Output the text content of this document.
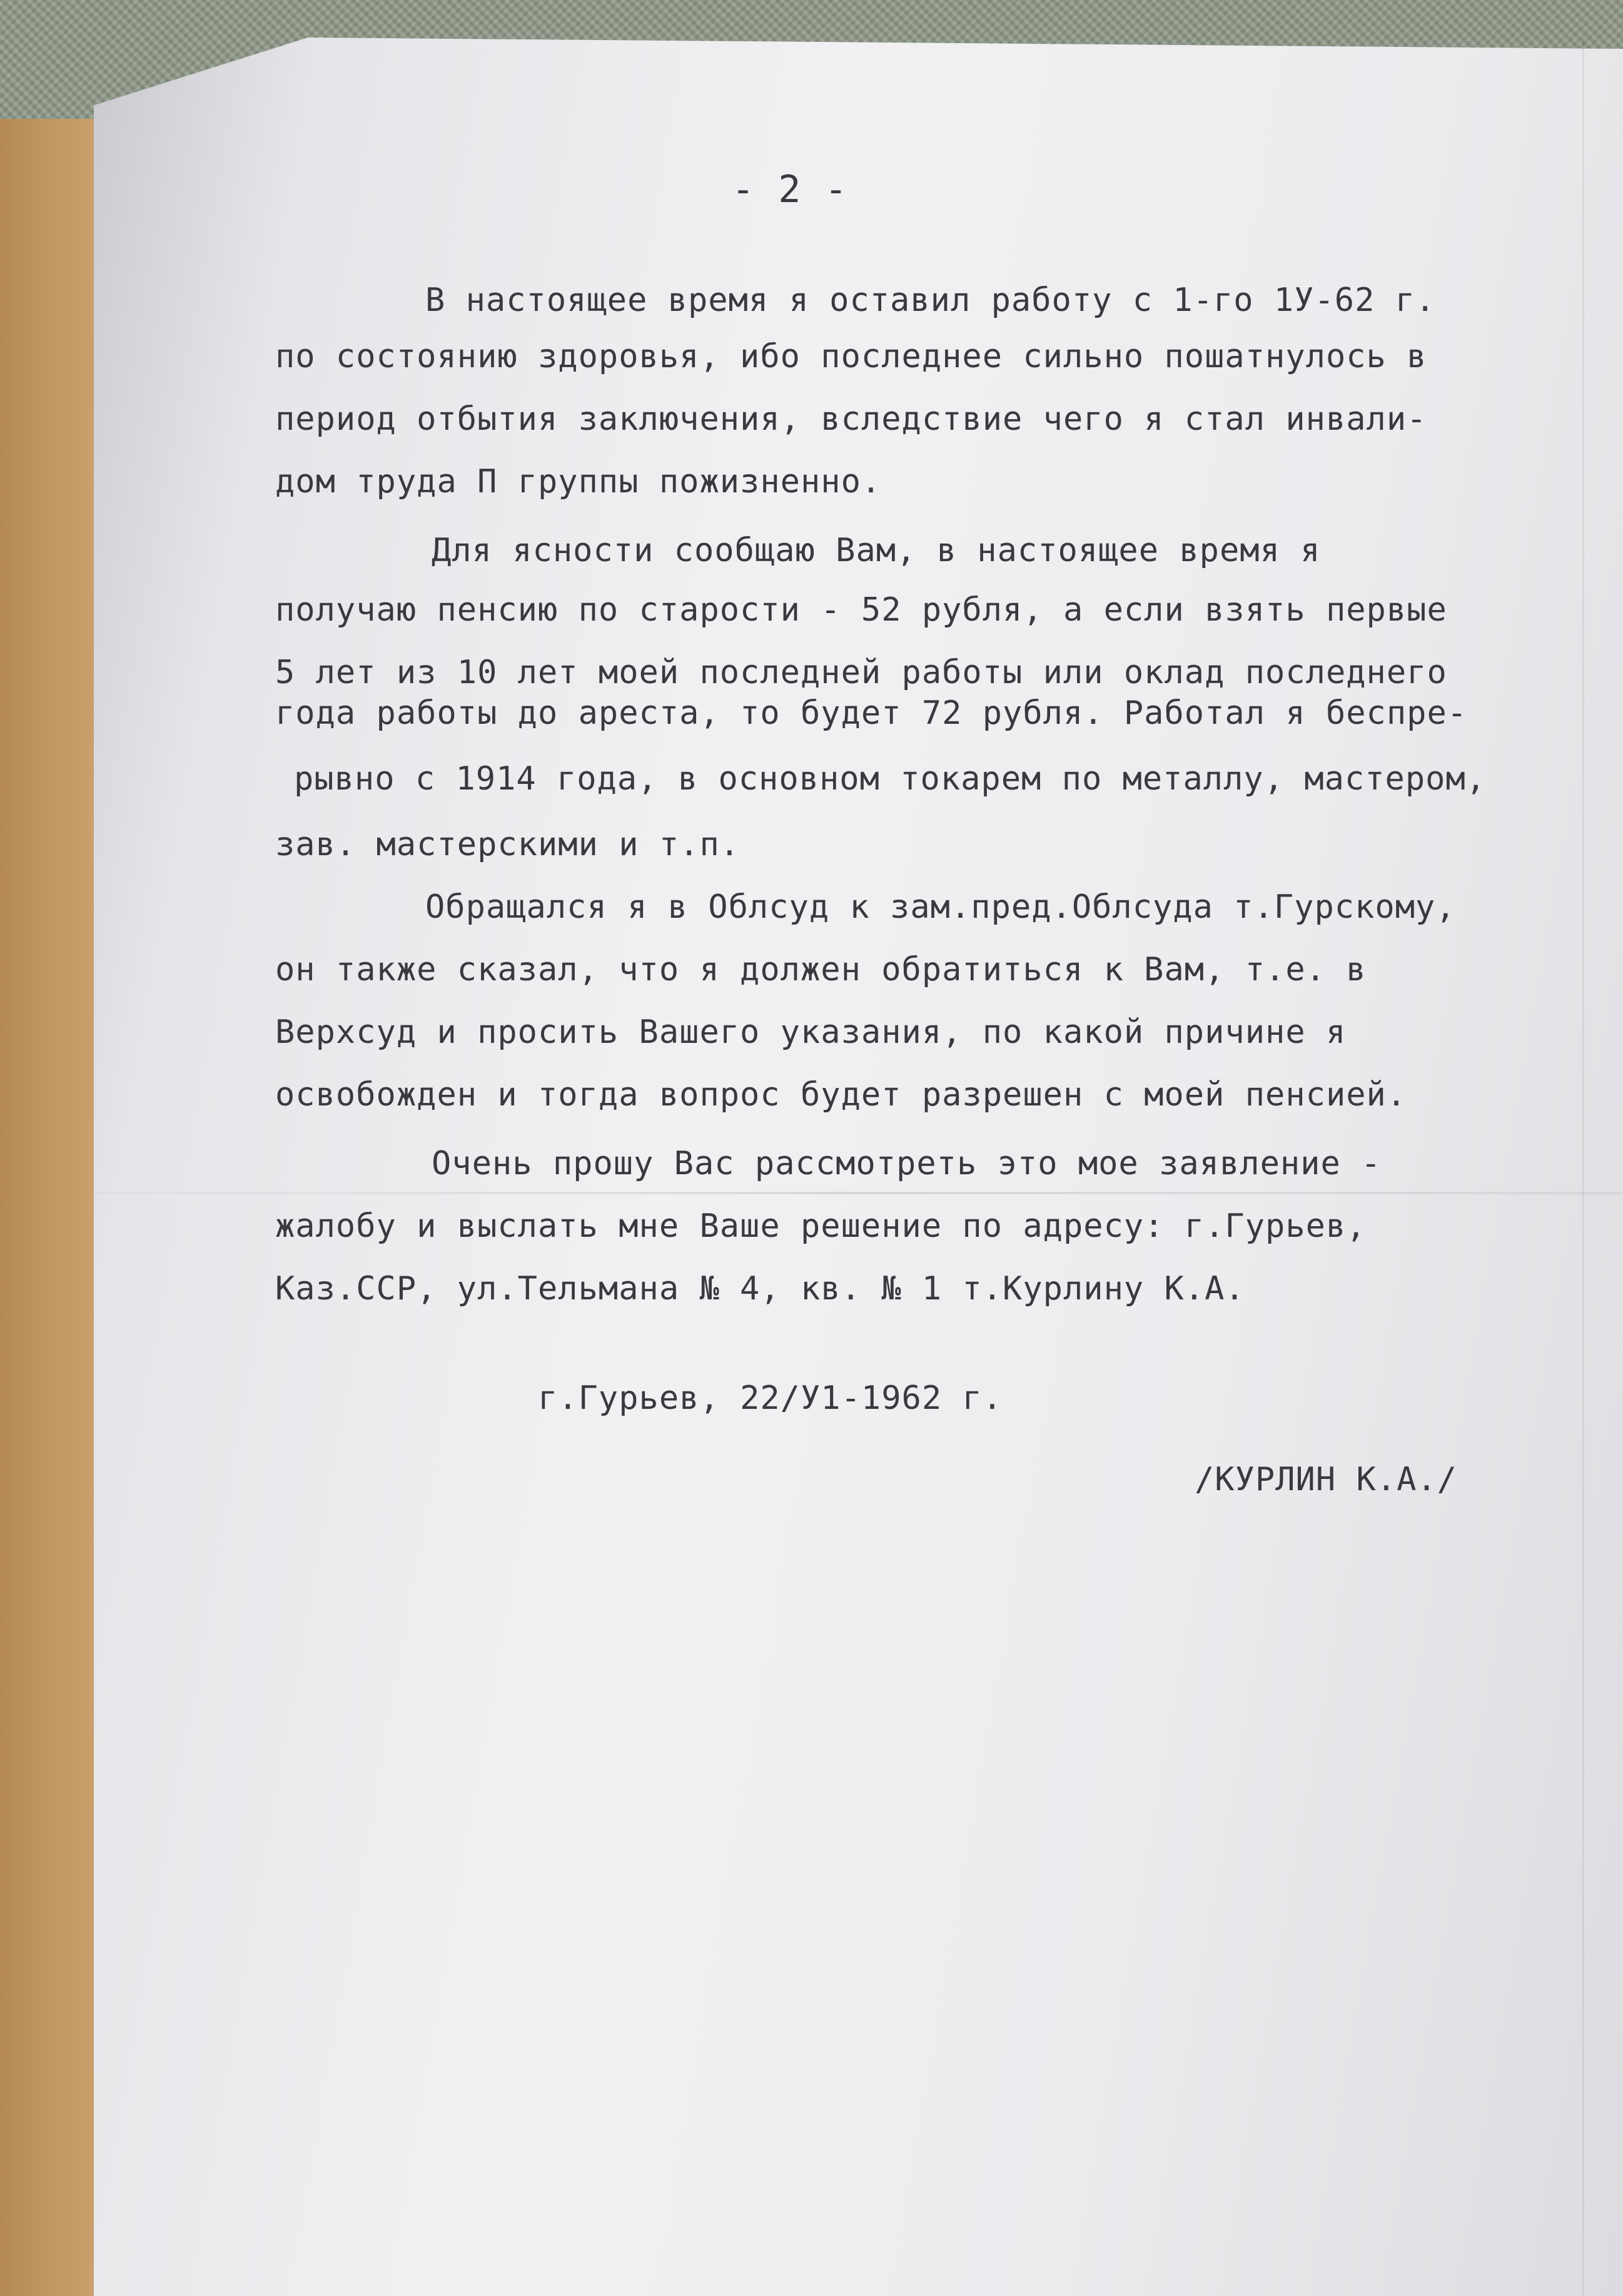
- 2 -
В настоящее время я оставил работу с 1-го 1У-62 г.
по состоянию здоровья, ибо последнее сильно пошатнулось в
период отбытия заключения, вследствие чего я стал инвали-
дом труда П группы пожизненно.
Для ясности сообщаю Вам, в настоящее время я
получаю пенсию по старости - 52 рубля, а если взять первые
5 лет из 10 лет моей последней работы или оклад последнего
года работы до ареста, то будет 72 рубля. Работал я беспре-
рывно с 1914 года, в основном токарем по металлу, мастером,
зав. мастерскими и т.п.
Обращался я в Облсуд к зам.пред.Облсуда т.Гурскому,
он также сказал, что я должен обратиться к Вам, т.е. в
Верхсуд и просить Вашего указания, по какой причине я
освобожден и тогда вопрос будет разрешен с моей пенсией.
Очень прошу Вас рассмотреть это мое заявление -
жалобу и выслать мне Ваше решение по адресу: г.Гурьев,
Каз.ССР, ул.Тельмана № 4, кв. № 1 т.Курлину К.А.
г.Гурьев, 22/У1-1962 г.
/КУРЛИН К.А./
